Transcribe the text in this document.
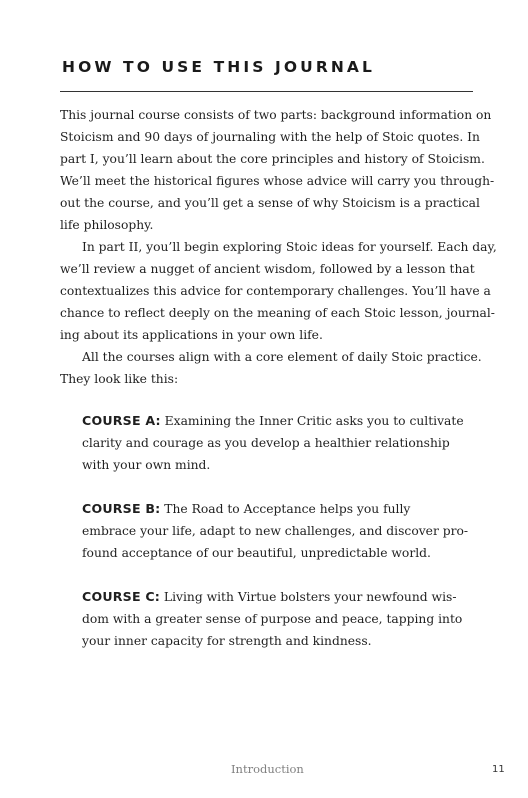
HOW TO USE THIS JOURNAL

This journal course consists of two parts: background information on
Stoicism and 90 days of journaling with the help of Stoic quotes. In
part I, you’ll learn about the core principles and history of Stoicism.
We’ll meet the historical figures whose advice will carry you through-
out the course, and you’ll get a sense of why Stoicism is a practical
life philosophy.

In part II, you’ll begin exploring Stoic ideas for yourself. Each day,
we’ll review a nugget of ancient wisdom, followed by a lesson that
contextualizes this advice for contemporary challenges. You’ll have a
chance to reflect deeply on the meaning of each Stoic lesson, journal-
ing about its applications in your own life.

All the courses align with a core element of daily Stoic practice.
They look like this:

COURSE A: Examining the Inner Critic asks you to cultivate
clarity and courage as you develop a healthier relationship
with your own mind.
COURSE B: The Road to Acceptance helps you fully
embrace your life, adapt to new challenges, and discover pro-
found acceptance of our beautiful, unpredictable world.
COURSE C: Living with Virtue bolsters your newfound wis-
dom with a greater sense of purpose and peace, tapping into
your inner capacity for strength and kindness.
Introduction	11
